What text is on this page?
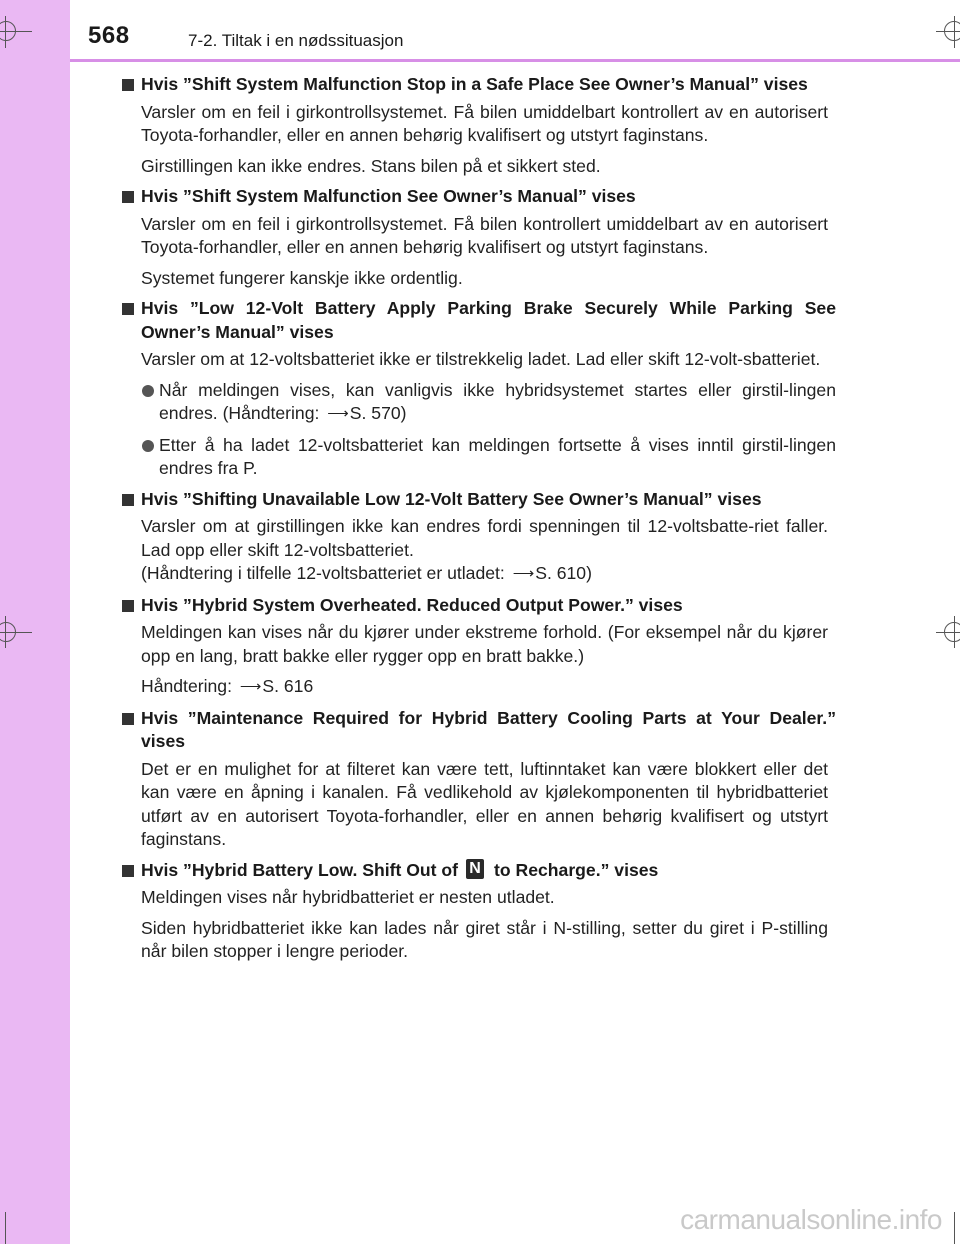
568	7-2. Tiltak i en nødssituasjon
Hvis ”Shift System Malfunction Stop in a Safe Place See Owner’s Manual” vises
Varsler om en feil i girkontrollsystemet. Få bilen umiddelbart kontrollert av en autorisert Toyota-forhandler, eller en annen behørig kvalifisert og utstyrt faginstans.
Girstillingen kan ikke endres. Stans bilen på et sikkert sted.
Hvis ”Shift System Malfunction See Owner’s Manual” vises
Varsler om en feil i girkontrollsystemet. Få bilen kontrollert umiddelbart av en autorisert Toyota-forhandler, eller en annen behørig kvalifisert og utstyrt faginstans.
Systemet fungerer kanskje ikke ordentlig.
Hvis ”Low 12-Volt Battery Apply Parking Brake Securely While Parking See Owner’s Manual” vises
Varsler om at 12-voltsbatteriet ikke er tilstrekkelig ladet. Lad eller skift 12-volt-sbatteriet.
Når meldingen vises, kan vanligvis ikke hybridsystemet startes eller girstil-lingen endres. (Håndtering: ⟶S. 570)
Etter å ha ladet 12-voltsbatteriet kan meldingen fortsette å vises inntil girstil-lingen endres fra P.
Hvis ”Shifting Unavailable Low 12-Volt Battery See Owner’s Manual” vises
Varsler om at girstillingen ikke kan endres fordi spenningen til 12-voltsbatte-riet faller. Lad opp eller skift 12-voltsbatteriet.
(Håndtering i tilfelle 12-voltsbatteriet er utladet: ⟶S. 610)
Hvis ”Hybrid System Overheated. Reduced Output Power.” vises
Meldingen kan vises når du kjører under ekstreme forhold. (For eksempel når du kjører opp en lang, bratt bakke eller rygger opp en bratt bakke.)
Håndtering: ⟶S. 616
Hvis ”Maintenance Required for Hybrid Battery Cooling Parts at Your Dealer.” vises
Det er en mulighet for at filteret kan være tett, luftinntaket kan være blokkert eller det kan være en åpning i kanalen. Få vedlikehold av kjølekomponenten til hybridbatteriet utført av en autorisert Toyota-forhandler, eller en annen behørig kvalifisert og utstyrt faginstans.
Hvis ”Hybrid Battery Low. Shift Out of N to Recharge.” vises
Meldingen vises når hybridbatteriet er nesten utladet.
Siden hybridbatteriet ikke kan lades når giret står i N-stilling, setter du giret i P-stilling når bilen stopper i lengre perioder.
carmanualsonline.info
